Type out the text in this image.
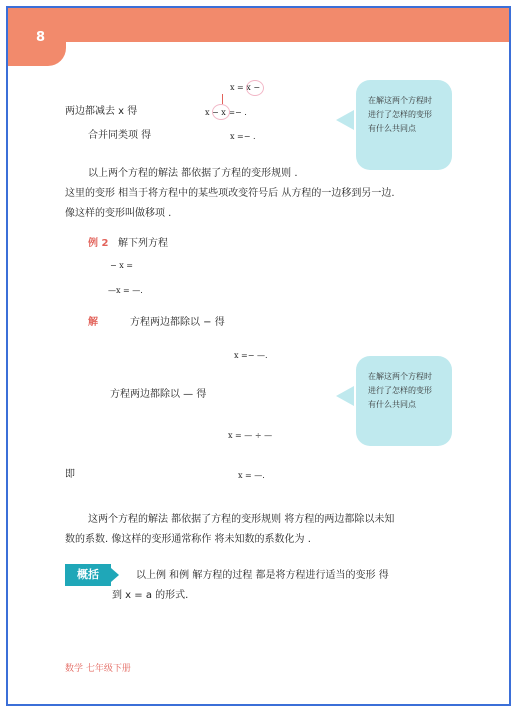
8
x = x −
两边都减去 x 得	x − x =− .
合并同类项 得	x =− .
在解这两个方程时 进行了怎样的变形 有什么共同点
以上两个方程的解法 都依据了方程的变形规则 .
这里的变形 相当于将方程中的某些项改变符号后 从方程的一边移到另一边.
像这样的变形叫做移项 .
例 2 解下列方程
− x =
—x = —.
解	方程两边都除以 − 得
x =− —.
方程两边都除以 — 得
x = — ÷ —
即	x = —.
在解这两个方程时 进行了怎样的变形 有什么共同点
这两个方程的解法 都依据了方程的变形规则 将方程的两边都除以未知
数的系数. 像这样的变形通常称作 将未知数的系数化为 .
概括	以上例 和例 解方程的过程 都是将方程进行适当的变形 得
到 x = a 的形式.
数学 七年级下册
